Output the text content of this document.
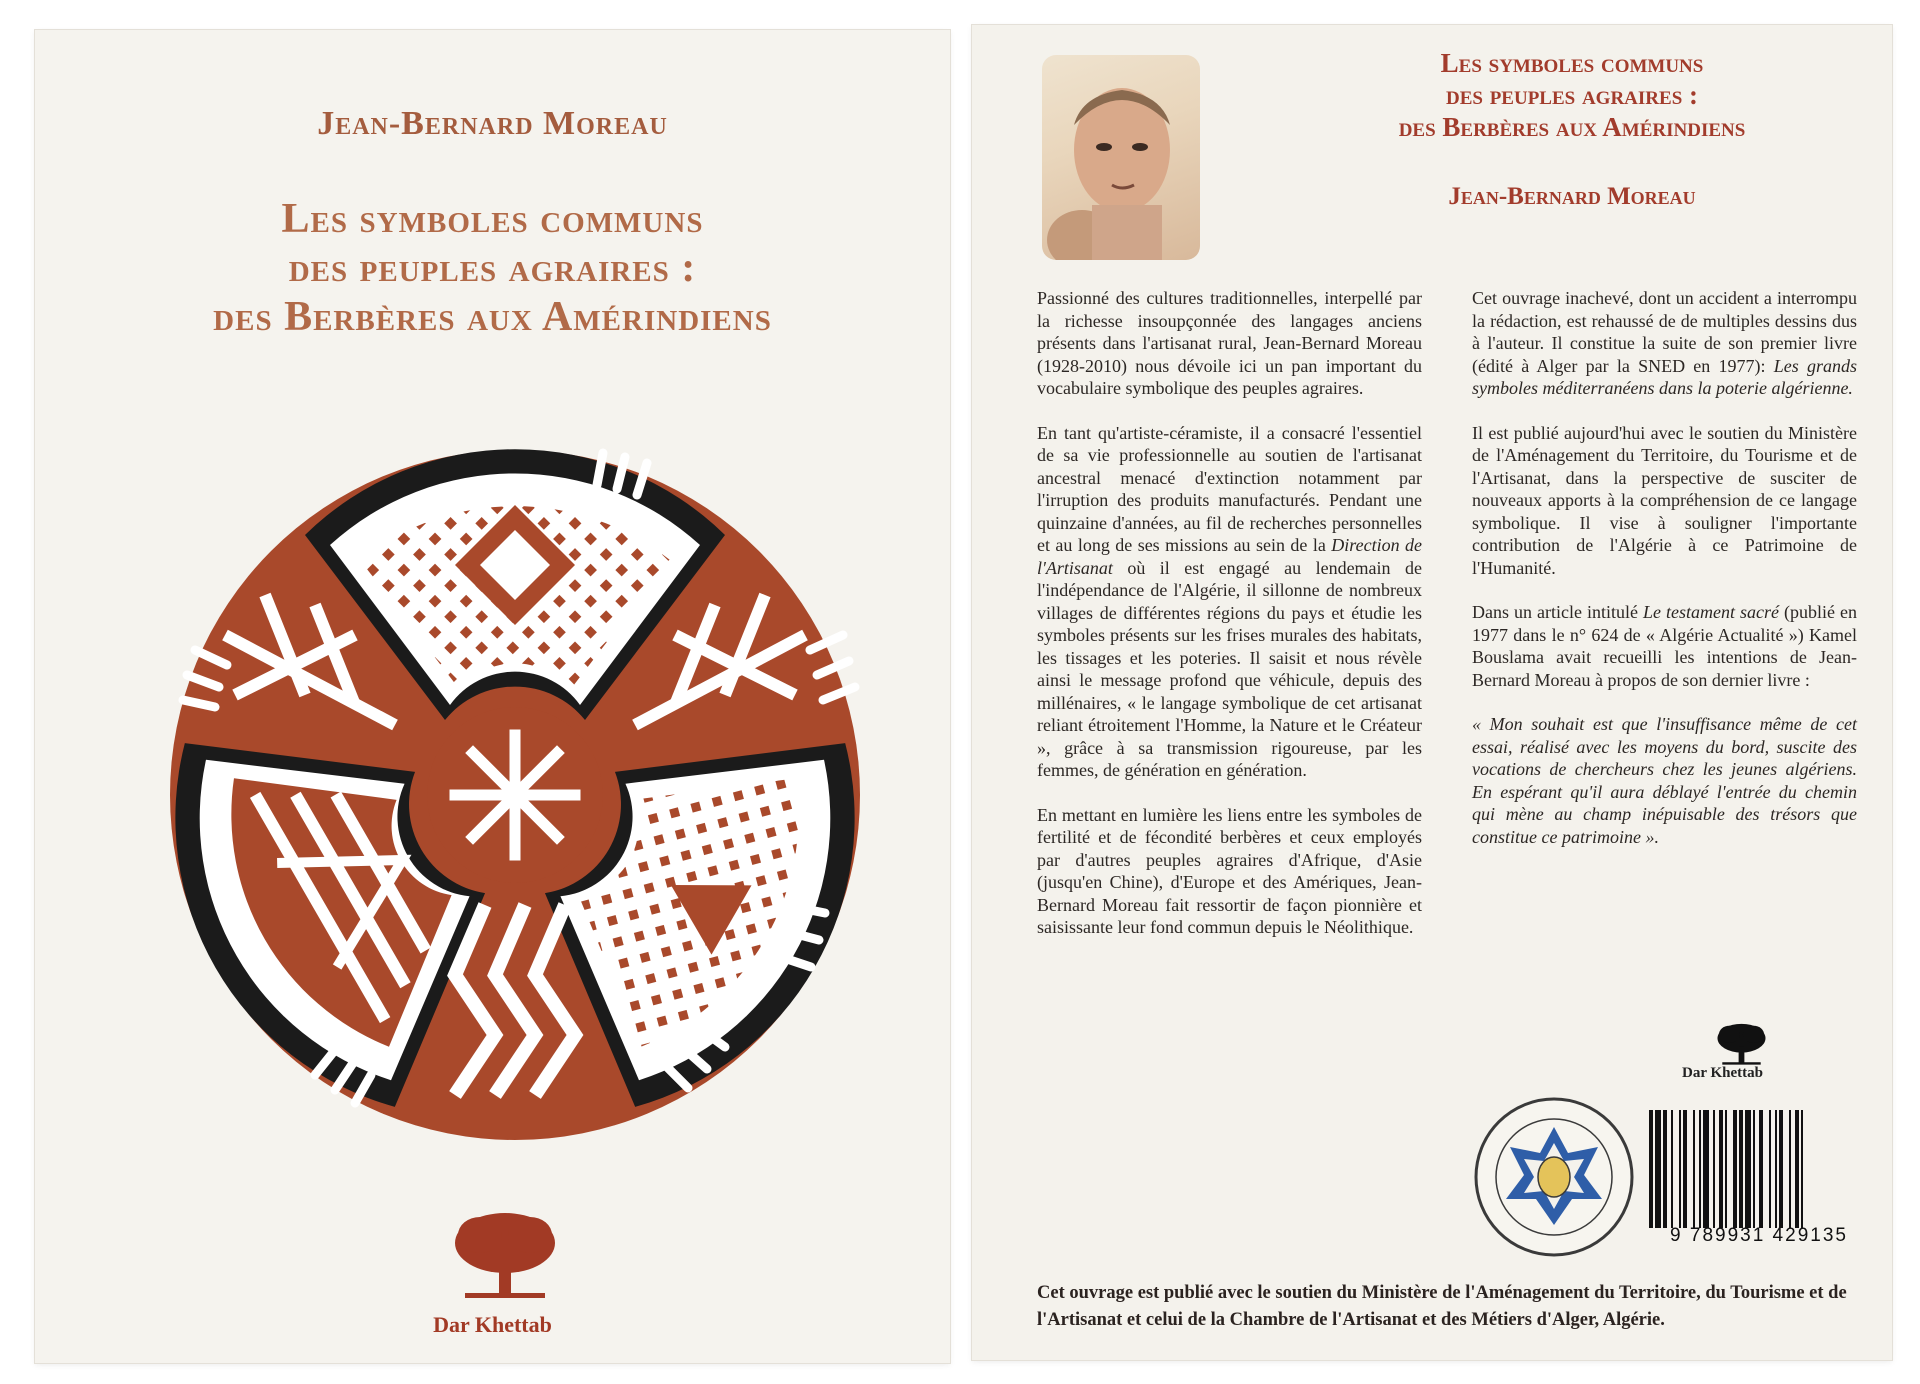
Jean-Bernard Moreau
Les symboles communs
des peuples agraires :
des Berbères aux Amérindiens
Dar Khettab
Les symboles communs
des peuples agraires :
des Berbères aux Amérindiens
Jean-Bernard Moreau

Passionné des cultures traditionnelles, interpellé par la richesse insoupçonnée des langages anciens présents dans l'artisanat rural, Jean-Bernard Moreau (1928-2010) nous dévoile ici un pan important du vocabulaire symbolique des peuples agraires.

En tant qu'artiste-céramiste, il a consacré l'essentiel de sa vie professionnelle au soutien de l'artisanat ancestral menacé d'extinction notamment par l'irruption des produits manufacturés. Pendant une quinzaine d'années, au fil de recherches personnelles et au long de ses missions au sein de la Direction de l'Artisanat où il est engagé au lendemain de l'indépendance de l'Algérie, il sillonne de nombreux villages de différentes régions du pays et étudie les symboles présents sur les frises murales des habitats, les tissages et les poteries. Il saisit et nous révèle ainsi le message profond que véhicule, depuis des millénaires, « le langage symbolique de cet artisanat reliant étroitement l'Homme, la Nature et le Créateur », grâce à sa transmission rigoureuse, par les femmes, de génération en génération.

En mettant en lumière les liens entre les symboles de fertilité et de fécondité berbères et ceux employés par d'autres peuples agraires d'Afrique, d'Asie (jusqu'en Chine), d'Europe et des Amériques, Jean-Bernard Moreau fait ressortir de façon pionnière et saisissante leur fond commun depuis le Néolithique.

Cet ouvrage inachevé, dont un accident a interrompu la rédaction, est rehaussé de de multiples dessins dus à l'auteur. Il constitue la suite de son premier livre (édité à Alger par la SNED en 1977): Les grands symboles méditerranéens dans la poterie algérienne.

Il est publié aujourd'hui avec le soutien du Ministère de l'Aménagement du Territoire, du Tourisme et de l'Artisanat, dans la perspective de susciter de nouveaux apports à la compréhension de ce langage symbolique. Il vise à souligner l'importante contribution de l'Algérie à ce Patrimoine de l'Humanité.

Dans un article intitulé Le testament sacré (publié en 1977 dans le n° 624 de « Algérie Actualité ») Kamel Bouslama avait recueilli les intentions de Jean-Bernard Moreau à propos de son dernier livre :

« Mon souhait est que l'insuffisance même de cet essai, réalisé avec les moyens du bord, suscite des vocations de chercheurs chez les jeunes algériens. En espérant qu'il aura déblayé l'entrée du chemin qui mène au champ inépuisable des trésors que constitue ce patrimoine ».

Dar Khettab
9 789931 429135
Cet ouvrage est publié avec le soutien du Ministère de l'Aménagement du Territoire, du Tourisme et de l'Artisanat et celui de la Chambre de l'Artisanat et des Métiers d'Alger, Algérie.
